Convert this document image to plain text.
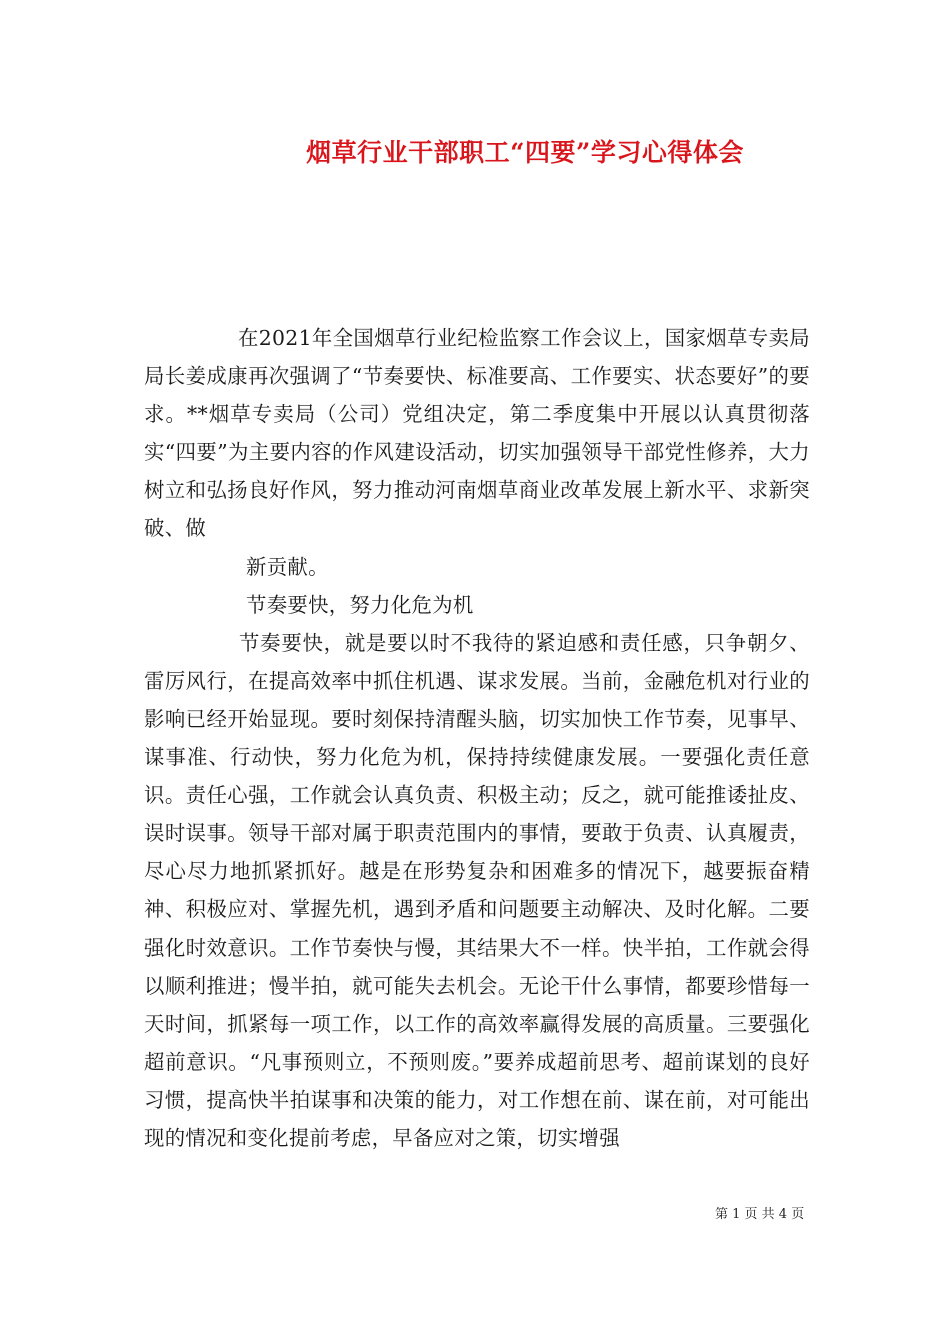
烟草行业干部职工“四要”学习心得体会

在2021年全国烟草行业纪检监察工作会议上，国家烟草专卖局局长姜成康再次强调了“节奏要快、标准要高、工作要实、状态要好”的要求。**烟草专卖局（公司）党组决定，第二季度集中开展以认真贯彻落实“四要”为主要内容的作风建设活动，切实加强领导干部党性修养，大力树立和弘扬良好作风，努力推动河南烟草商业改革发展上新水平、求新突破、做

新贡献。

节奏要快，努力化危为机

节奏要快，就是要以时不我待的紧迫感和责任感，只争朝夕、雷厉风行，在提高效率中抓住机遇、谋求发展。当前，金融危机对行业的影响已经开始显现。要时刻保持清醒头脑，切实加快工作节奏，见事早、谋事准、行动快，努力化危为机，保持持续健康发展。一要强化责任意识。责任心强，工作就会认真负责、积极主动；反之，就可能推诿扯皮、误时误事。领导干部对属于职责范围内的事情，要敢于负责、认真履责，尽心尽力地抓紧抓好。越是在形势复杂和困难多的情况下，越要振奋精神、积极应对、掌握先机，遇到矛盾和问题要主动解决、及时化解。二要强化时效意识。工作节奏快与慢，其结果大不一样。快半拍，工作就会得以顺利推进；慢半拍，就可能失去机会。无论干什么事情，都要珍惜每一天时间，抓紧每一项工作，以工作的高效率赢得发展的高质量。三要强化超前意识。“凡事预则立，不预则废。”要养成超前思考、超前谋划的良好习惯，提高快半拍谋事和决策的能力，对工作想在前、谋在前，对可能出现的情况和变化提前考虑，早备应对之策，切实增强

第 1 页 共 4 页
